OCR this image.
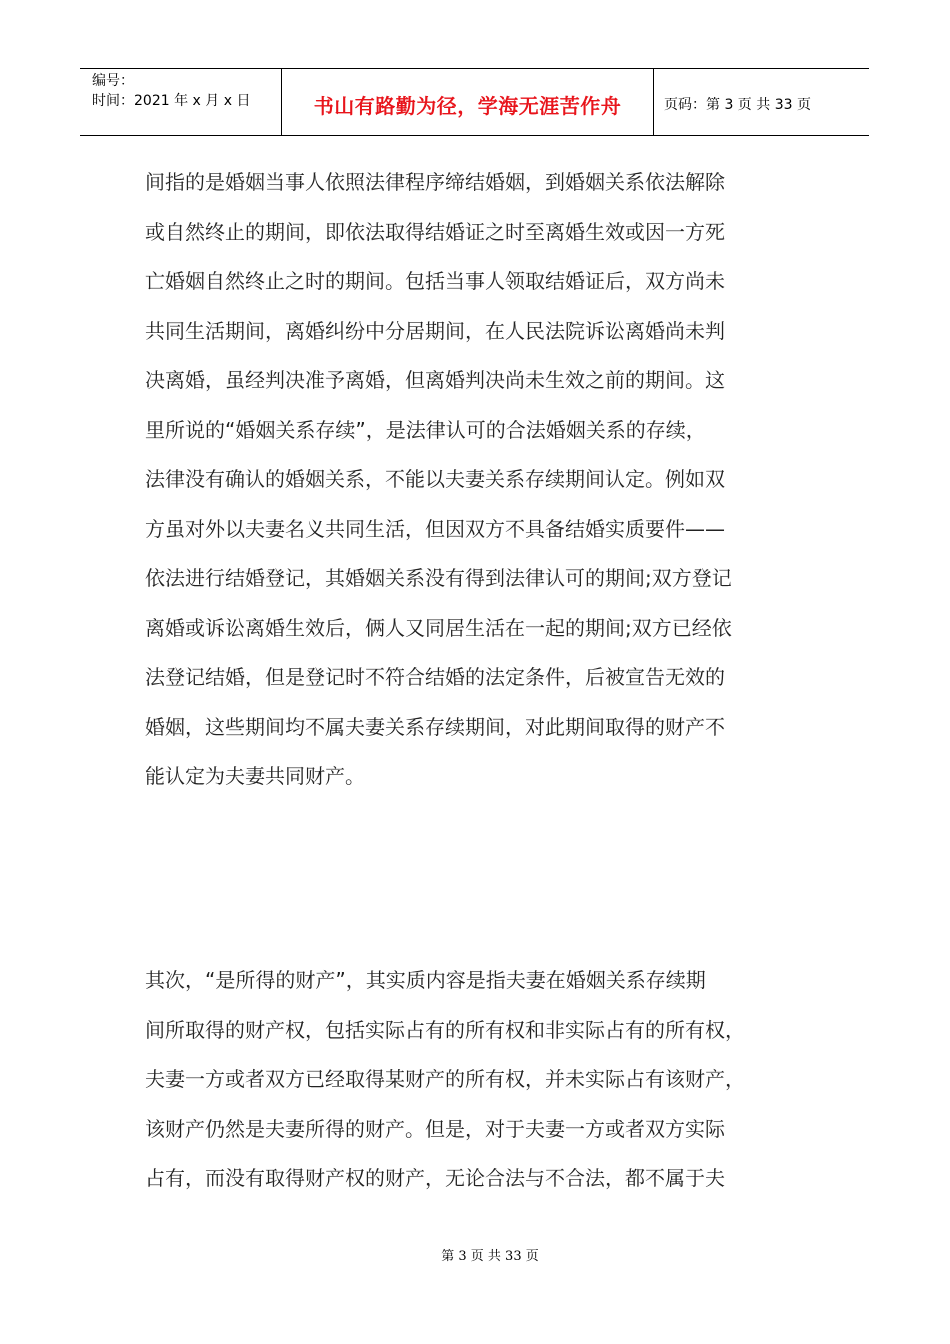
编号：
时间：2021 年 x 月 x 日	书山有路勤为径，学海无涯苦作舟	页码：第 3 页 共 33 页
间指的是婚姻当事人依照法律程序缔结婚姻，到婚姻关系依法解除
或自然终止的期间，即依法取得结婚证之时至离婚生效或因一方死
亡婚姻自然终止之时的期间。包括当事人领取结婚证后，双方尚未
共同生活期间，离婚纠纷中分居期间，在人民法院诉讼离婚尚未判
决离婚，虽经判决准予离婚，但离婚判决尚未生效之前的期间。这
里所说的“婚姻关系存续”，是法律认可的合法婚姻关系的存续，
法律没有确认的婚姻关系，不能以夫妻关系存续期间认定。例如双
方虽对外以夫妻名义共同生活，但因双方不具备结婚实质要件——
依法进行结婚登记，其婚姻关系没有得到法律认可的期间;双方登记
离婚或诉讼离婚生效后，俩人又同居生活在一起的期间;双方已经依
法登记结婚，但是登记时不符合结婚的法定条件，后被宣告无效的
婚姻，这些期间均不属夫妻关系存续期间，对此期间取得的财产不
能认定为夫妻共同财产。
其次，“是所得的财产”，其实质内容是指夫妻在婚姻关系存续期
间所取得的财产权，包括实际占有的所有权和非实际占有的所有权，
夫妻一方或者双方已经取得某财产的所有权，并未实际占有该财产，
该财产仍然是夫妻所得的财产。但是，对于夫妻一方或者双方实际
占有，而没有取得财产权的财产，无论合法与不合法，都不属于夫
第 3 页 共 33 页
